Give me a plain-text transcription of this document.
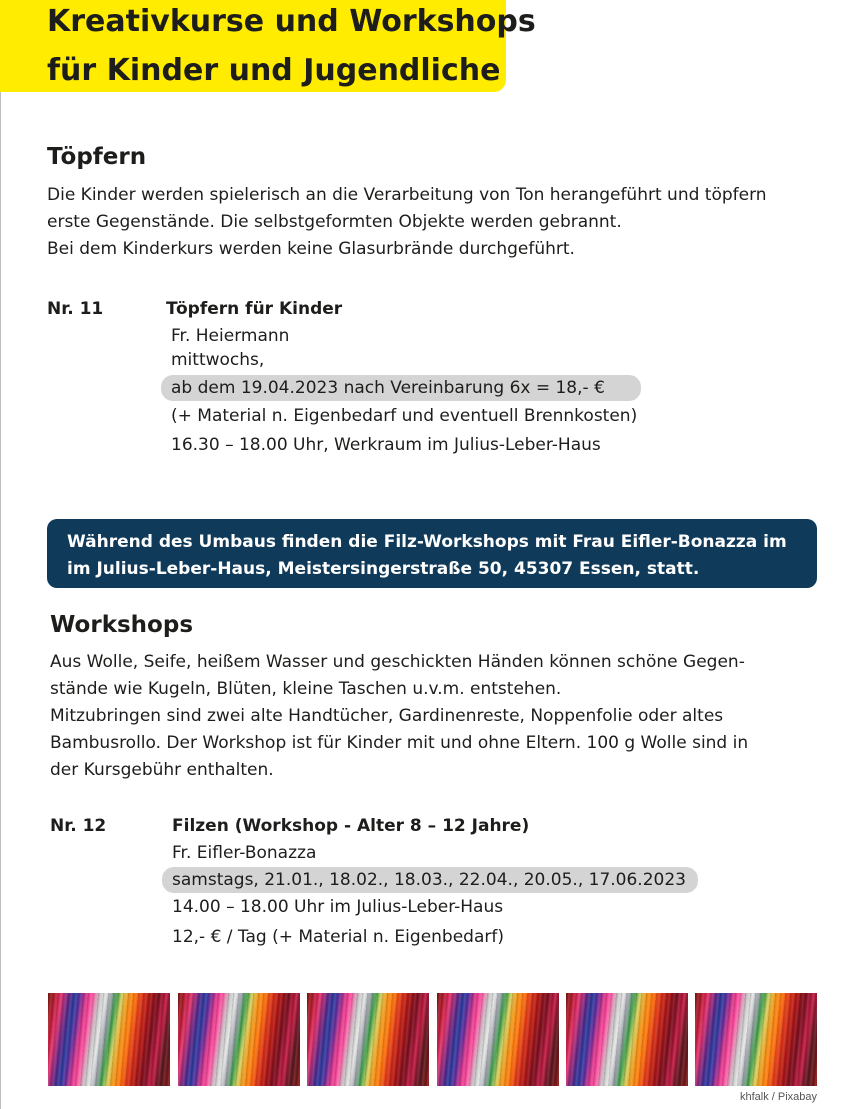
Kreativkurse und Workshops
für Kinder und Jugendliche
Töpfern
Die Kinder werden spielerisch an die Verarbeitung von Ton herangeführt und töpfern
erste Gegenstände. Die selbstgeformten Objekte werden gebrannt.
Bei dem Kinderkurs werden keine Glasurbrände durchgeführt.
Nr. 11	Töpfern für Kinder
Fr. Heiermann
mittwochs,
ab dem 19.04.2023 nach Vereinbarung 6x = 18,- €
(+ Material n. Eigenbedarf und eventuell Brennkosten)
16.30 – 18.00 Uhr, Werkraum im Julius-Leber-Haus
Während des Umbaus finden die Filz-Workshops mit Frau Eifler-Bonazza im
im Julius-Leber-Haus, Meistersingerstraße 50, 45307 Essen, statt.
Workshops
Aus Wolle, Seife, heißem Wasser und geschickten Händen können schöne Gegen-
stände wie Kugeln, Blüten, kleine Taschen u.v.m. entstehen.
Mitzubringen sind zwei alte Handtücher, Gardinenreste, Noppenfolie oder altes
Bambusrollo. Der Workshop ist für Kinder mit und ohne Eltern. 100 g Wolle sind in
der Kursgebühr enthalten.
Nr. 12	Filzen (Workshop - Alter 8 – 12 Jahre)
Fr. Eifler-Bonazza
samstags, 21.01., 18.02., 18.03., 22.04., 20.05., 17.06.2023
14.00 – 18.00 Uhr im Julius-Leber-Haus
12,- € / Tag (+ Material n. Eigenbedarf)
khfalk / Pixabay
